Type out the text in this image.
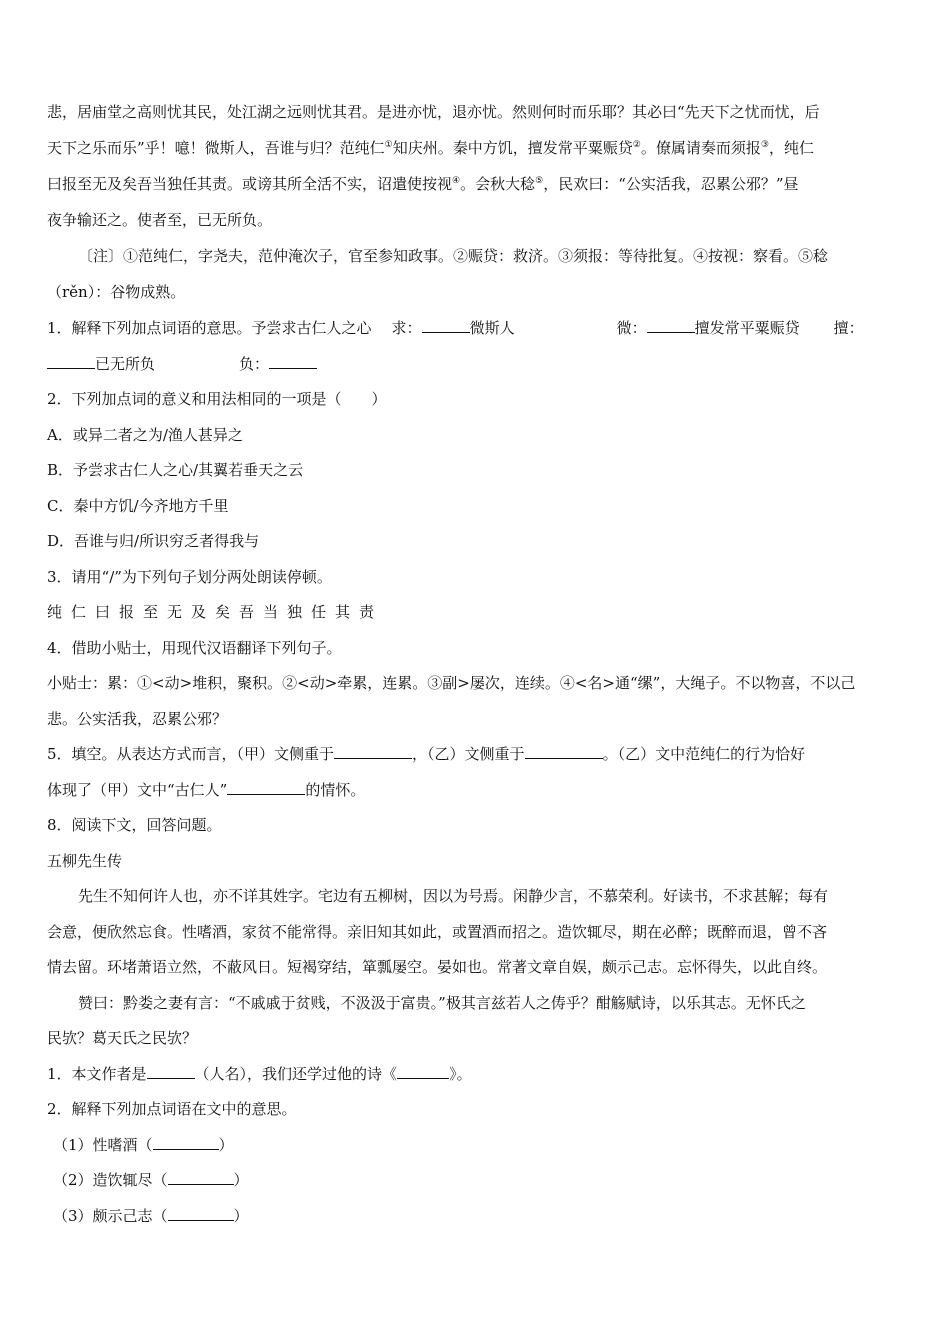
悲，居庙堂之高则忧其民，处江湖之远则忧其君。是进亦忧，退亦忧。然则何时而乐耶？其必曰“先天下之忧而忧，后

天下之乐而乐”乎！噫！微斯人，吾谁与归？范纯仁①知庆州。秦中方饥，擅发常平粟赈贷②。僚属请奏而须报③，纯仁

曰报至无及矣吾当独任其责。或谤其所全活不实，诏遣使按视④。会秋大稔⑤，民欢曰：“公实活我，忍累公邪？”昼

夜争输还之。使者至，已无所负。

〔注〕①范纯仁，字尧夫，范仲淹次子，官至参知政事。②赈贷：救济。③须报：等待批复。④按视：察看。⑤稔

（rěn）：谷物成熟。

1．解释下列加点词语的意思。予尝求古仁人之心 求：	微斯人	微：	擅发常平粟赈贷 擅：

已无所负	负：

2．下列加点词的意义和用法相同的一项是（　　）

A．或异二者之为/渔人甚异之

B．予尝求古仁人之心/其翼若垂天之云

C．秦中方饥/今齐地方千里

D．吾谁与归/所识穷乏者得我与

3．请用“/”为下列句子划分两处朗读停顿。

纯仁曰报至无及矣吾当独任其责

4．借助小贴士，用现代汉语翻译下列句子。

小贴士：累：①<动>堆积，聚积。②<动>牵累，连累。③副>屡次，连续。④<名>通“缧”，大绳子。不以物喜，不以己

悲。公实活我，忍累公邪？

5．填空。从表达方式而言，（甲）文侧重于	，（乙）文侧重于	。（乙）文中范纯仁的行为恰好

体现了（甲）文中“古仁人”	的情怀。

8．阅读下文，回答问题。

五柳先生传

先生不知何许人也，亦不详其姓字。宅边有五柳树，因以为号焉。闲静少言，不慕荣利。好读书，不求甚解；每有

会意，便欣然忘食。性嗜酒，家贫不能常得。亲旧知其如此，或置酒而招之。造饮辄尽，期在必醉；既醉而退，曾不吝

情去留。环堵萧语立然，不蔽风日。短褐穿结，箪瓢屡空。晏如也。常著文章自娱，颇示己志。忘怀得失，以此自终。

赞曰：黔娄之妻有言：“不戚戚于贫贱，不汲汲于富贵。”极其言兹若人之俦乎？酣觞赋诗，以乐其志。无怀氏之

民欤？葛天氏之民欤？

1．本文作者是	（人名），我们还学过他的诗《	》。

2．解释下列加点词语在文中的意思。

（1）性嗜酒（	）

（2）造饮辄尽（	）

（3）颇示己志（	）
